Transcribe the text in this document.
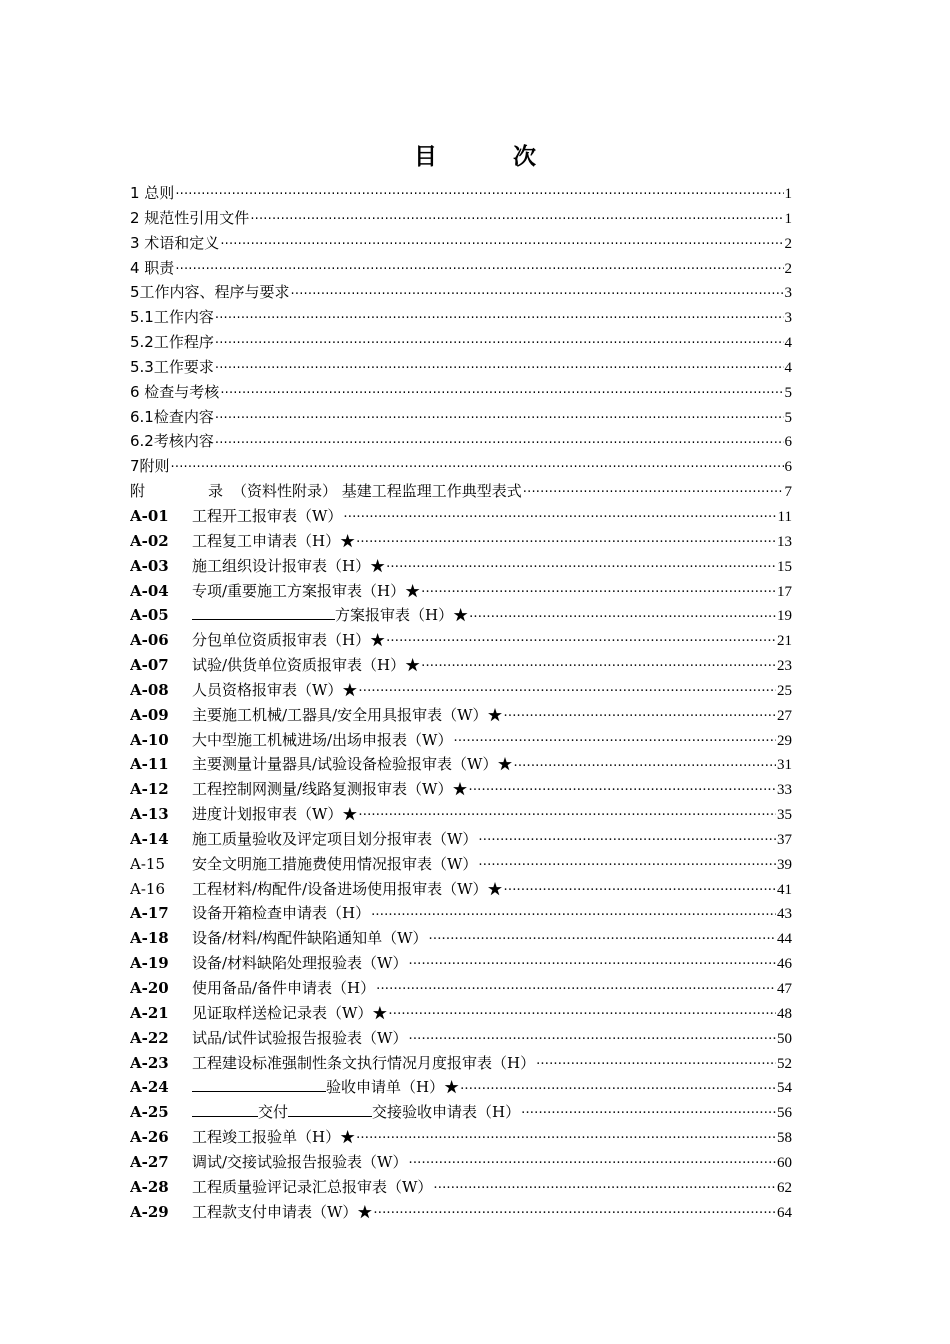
目 次
1 总则 .....	1
2 规范性引用文件 .....	1
3 术语和定义 .....	2
4 职责 .....	2
5工作内容、程序与要求 .....	3
5.1工作内容 .....	3
5.2工作程序 .....	4
5.3工作要求 .....	4
6 检查与考核 .....	5
6.1检查内容 .....	5
6.2考核内容 .....	6
7附则 .....	6
附	录 （资料性附录） 基建工程监理工作典型表式 .....	7
A-01	工程开工报审表（W） .....	11
A-02	工程复工申请表（H）★ .....	13
A-03	施工组织设计报审表（H）★ .....	15
A-04	专项/重要施工方案报审表（H）★ .....	17
A-05	方案报审表（H）★ .....	19
A-06	分包单位资质报审表（H）★ .....	21
A-07	试验/供货单位资质报审表（H）★ .....	23
A-08	人员资格报审表（W）★ .....	25
A-09	主要施工机械/工器具/安全用具报审表（W）★ .....	27
A-10	大中型施工机械进场/出场申报表（W） .....	29
A-11	主要测量计量器具/试验设备检验报审表（W）★ .....	31
A-12	工程控制网测量/线路复测报审表（W）★ .....	33
A-13	进度计划报审表（W）★ .....	35
A-14	施工质量验收及评定项目划分报审表（W） .....	37
A-15	安全文明施工措施费使用情况报审表（W） .....	39
A-16	工程材料/构配件/设备进场使用报审表（W）★ .....	41
A-17	设备开箱检查申请表（H） .....	43
A-18	设备/材料/构配件缺陷通知单（W） .....	44
A-19	设备/材料缺陷处理报验表（W） .....	46
A-20	使用备品/备件申请表（H） .....	47
A-21	见证取样送检记录表（W）★ .....	48
A-22	试品/试件试验报告报验表（W） .....	50
A-23	工程建设标准强制性条文执行情况月度报审表（H） .....	52
A-24	验收申请单（H）★ .....	54
A-25	交付	交接验收申请表（H） .....	56
A-26	工程竣工报验单（H）★ .....	58
A-27	调试/交接试验报告报验表（W） .....	60
A-28	工程质量验评记录汇总报审表（W） .....	62
A-29	工程款支付申请表（W）★ .....	64
